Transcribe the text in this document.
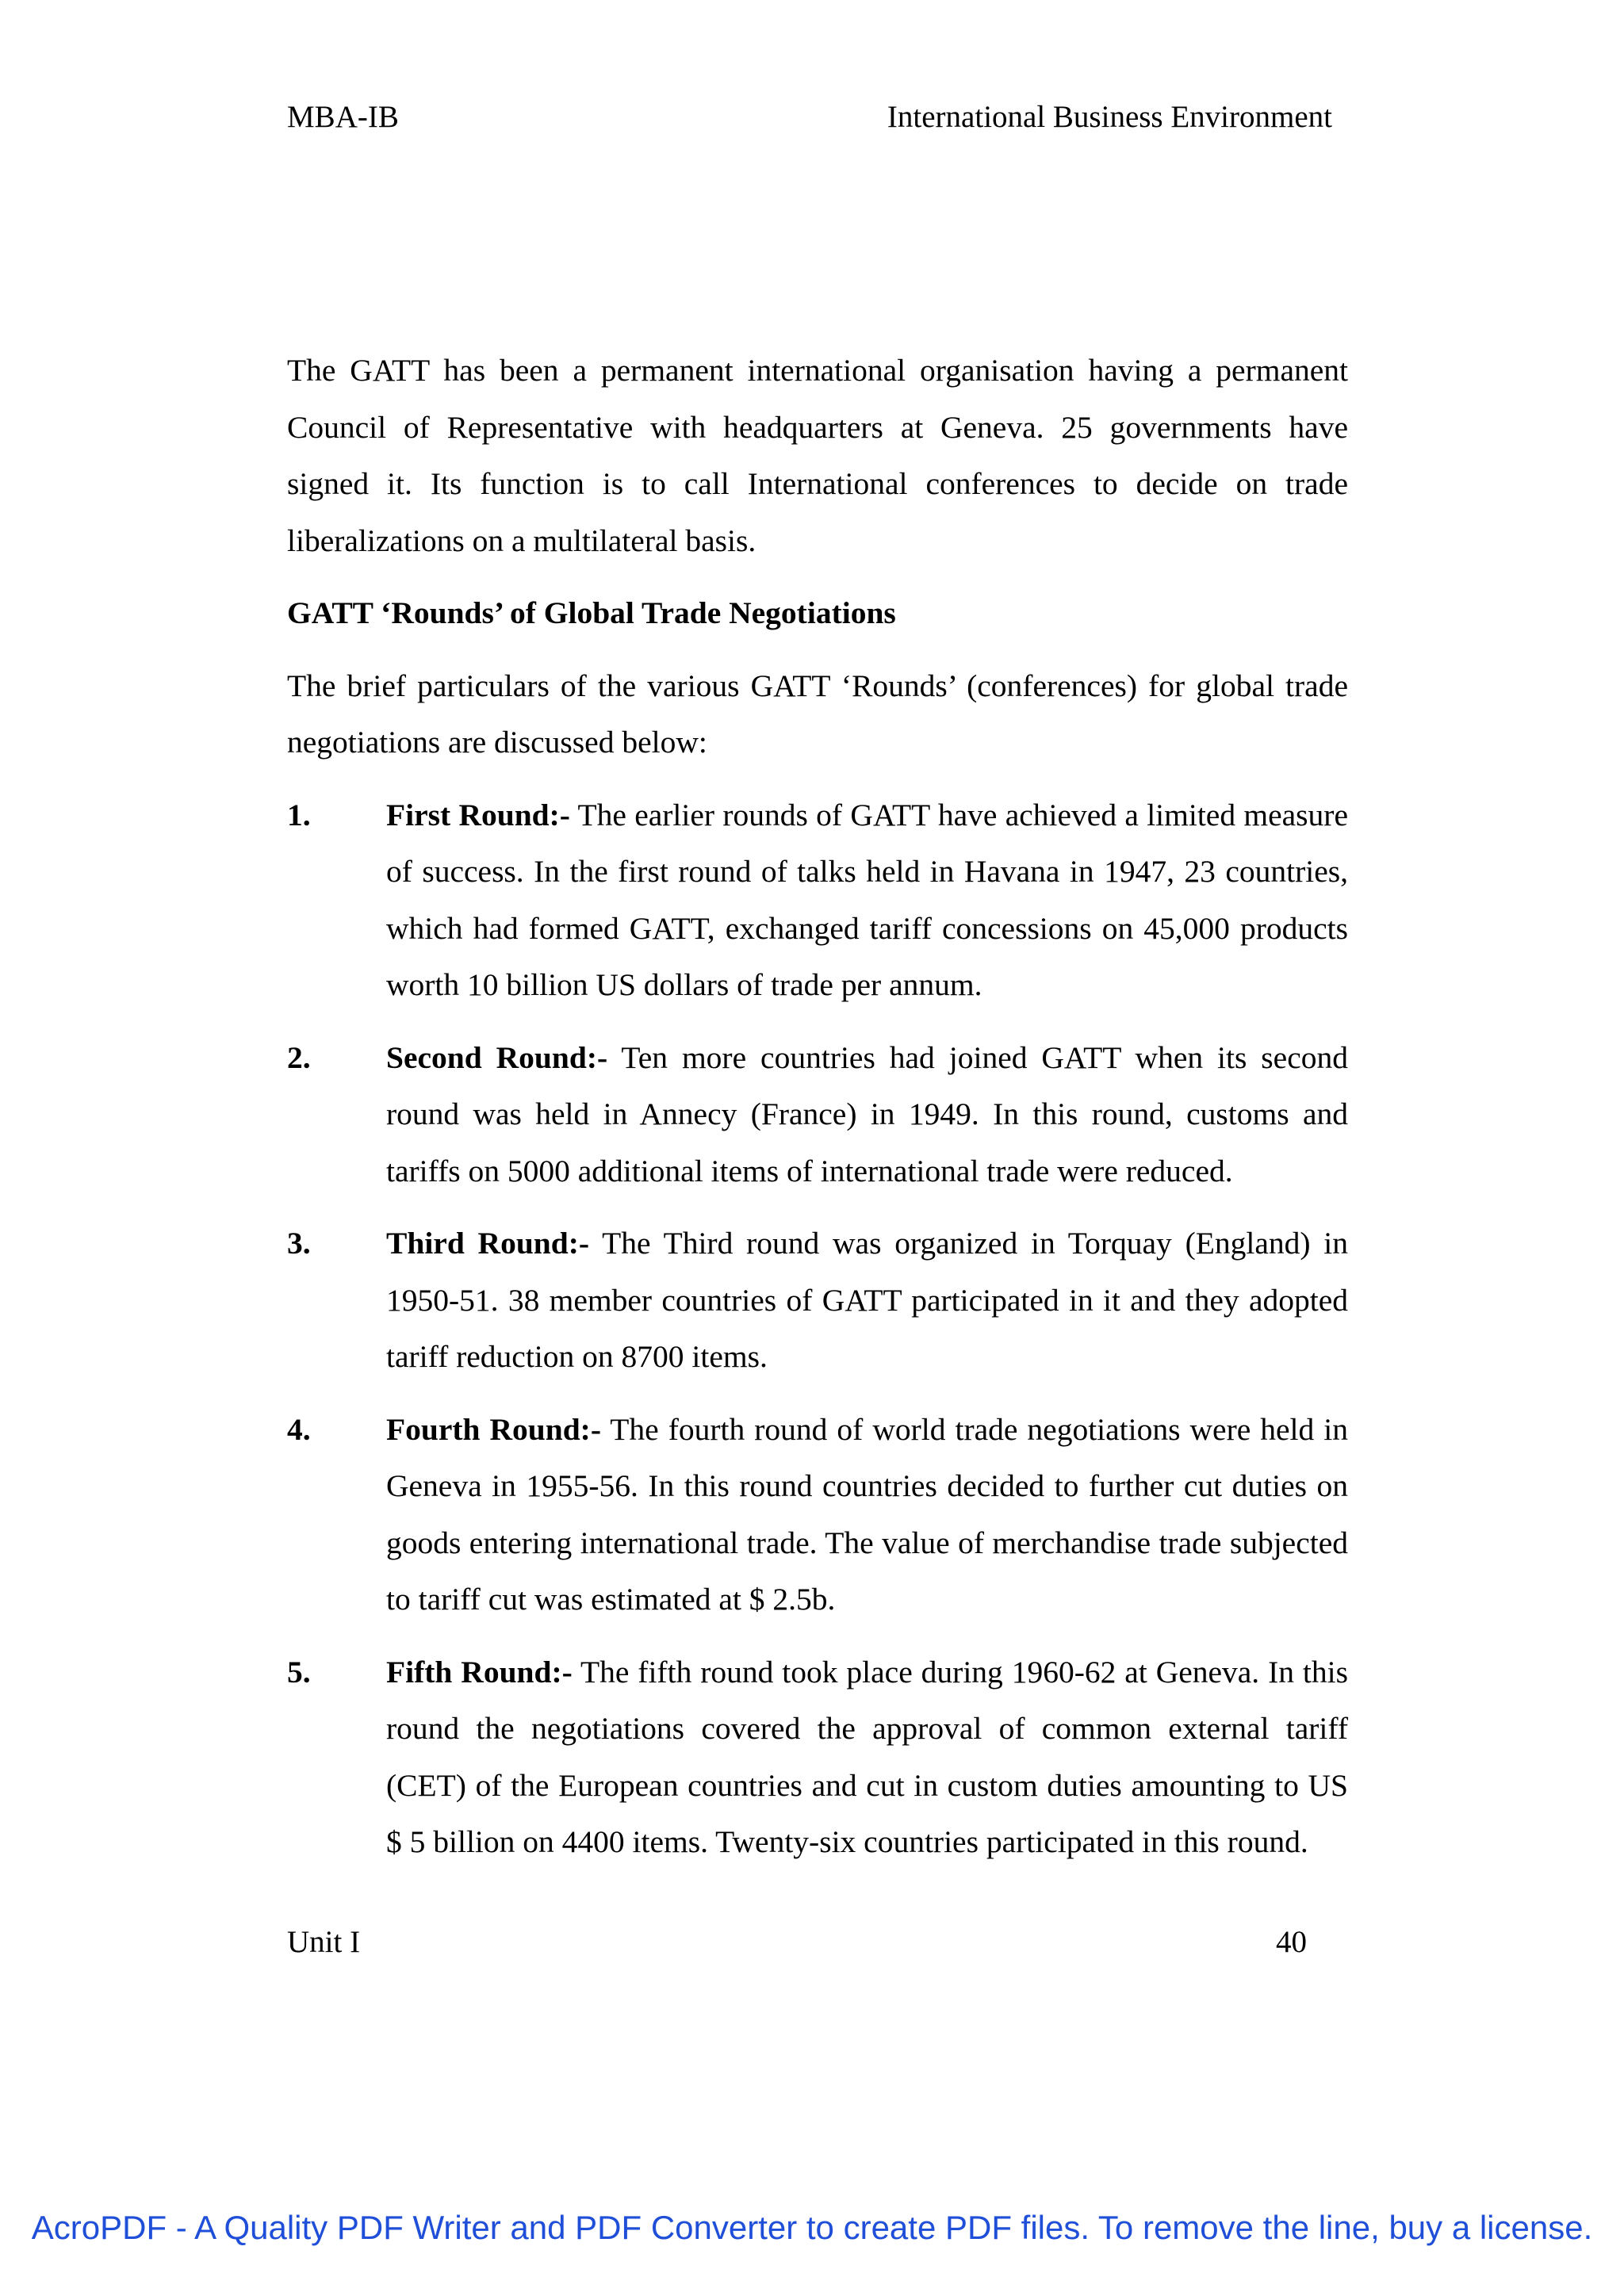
MBA-IB	International Business Environment

The GATT has been a permanent international organisation having a permanent Council of Representative with headquarters at Geneva. 25 governments have signed it. Its function is to call International conferences to decide on trade liberalizations on a multilateral basis.

GATT ‘Rounds’ of Global Trade Negotiations

The brief particulars of the various GATT ‘Rounds’ (conferences) for global trade negotiations are discussed below:

1.	First Round:- The earlier rounds of GATT have achieved a limited measure of success. In the first round of talks held in Havana in 1947, 23 countries, which had formed GATT, exchanged tariff concessions on 45,000 products worth 10 billion US dollars of trade per annum.
2.	Second Round:- Ten more countries had joined GATT when its second round was held in Annecy (France) in 1949. In this round, customs and tariffs on 5000 additional items of international trade were reduced.
3.	Third Round:- The Third round was organized in Torquay (England) in 1950-51. 38 member countries of GATT participated in it and they adopted tariff reduction on 8700 items.
4.	Fourth Round:- The fourth round of world trade negotiations were held in Geneva in 1955-56. In this round countries decided to further cut duties on goods entering international trade. The value of merchandise trade subjected to tariff cut was estimated at $ 2.5b.
5.	Fifth Round:- The fifth round took place during 1960-62 at Geneva. In this round the negotiations covered the approval of common external tariff (CET) of the European countries and cut in custom duties amounting to US $ 5 billion on 4400 items. Twenty-six countries participated in this round.
Unit I	40
AcroPDF - A Quality PDF Writer and PDF Converter to create PDF files. To remove the line, buy a license.
